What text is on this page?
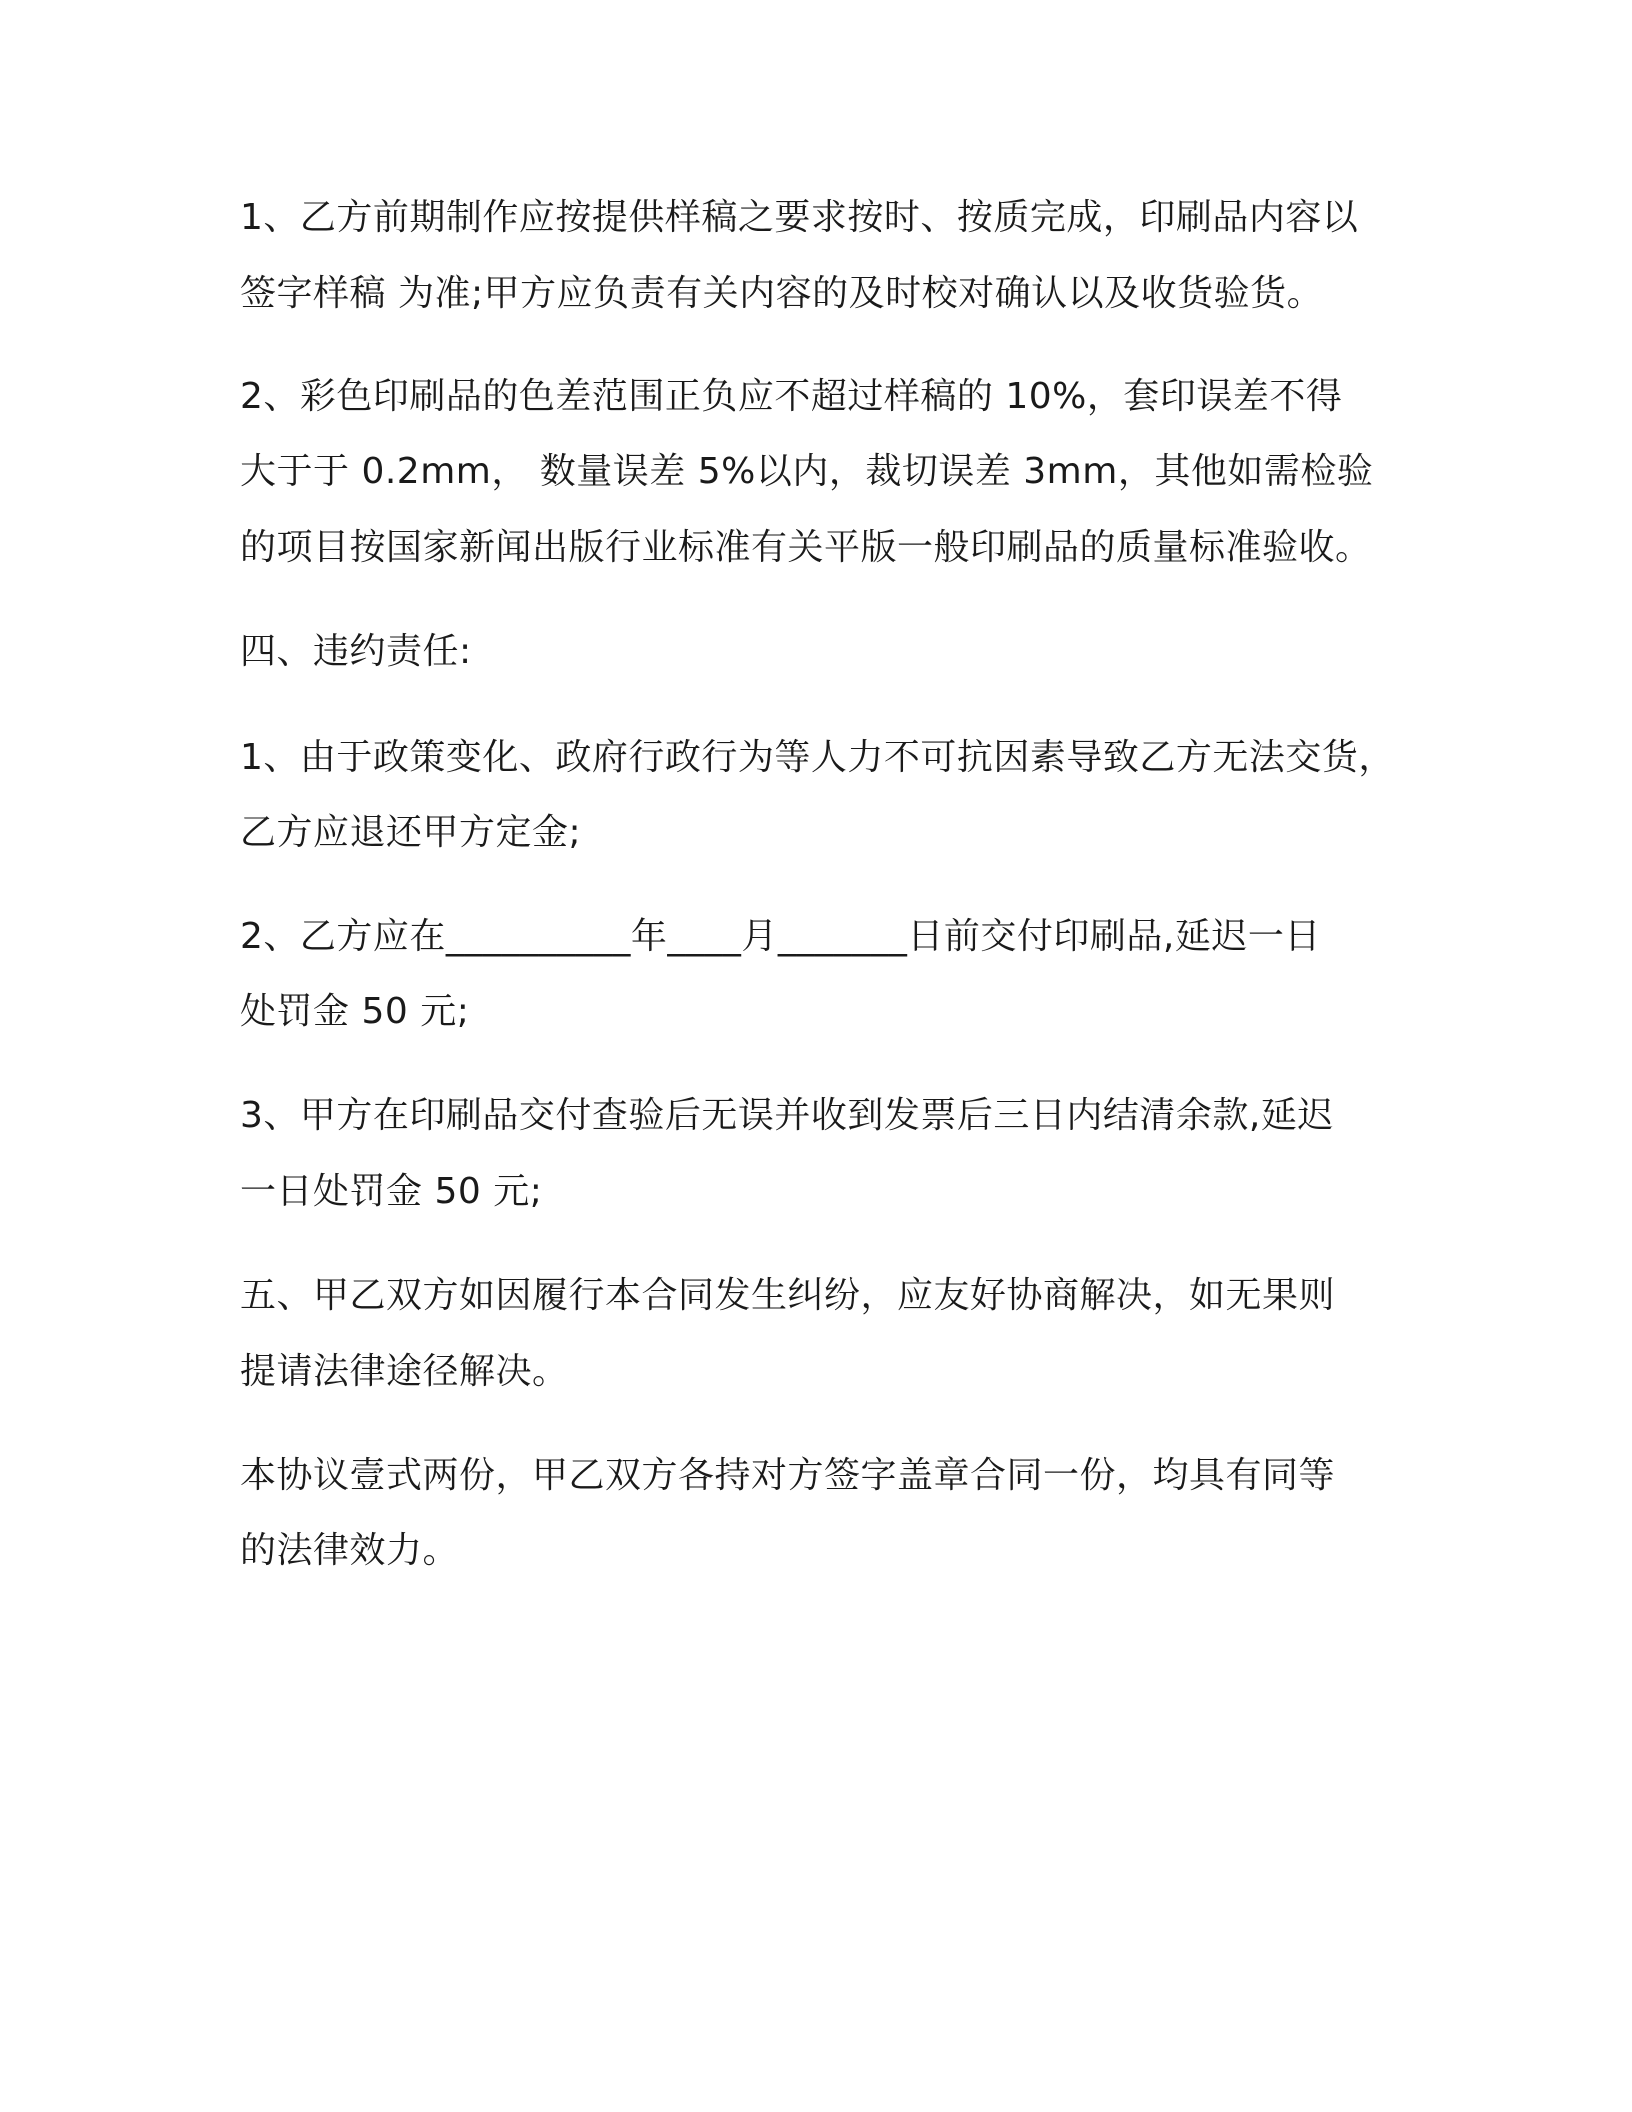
1、乙方前期制作应按提供样稿之要求按时、按质完成，印刷品内容以
签字样稿 为准;甲方应负责有关内容的及时校对确认以及收货验货。
2、彩色印刷品的色差范围正负应不超过样稿的 10%，套印误差不得
大于于 0.2mm， 数量误差 5%以内，裁切误差 3mm，其他如需检验
的项目按国家新闻出版行业标准有关平版一般印刷品的质量标准验收。
四、违约责任:
1、由于政策变化、政府行政行为等人力不可抗因素导致乙方无法交货，
乙方应退还甲方定金;
2、乙方应在__________年____月_______日前交付印刷品,延迟一日
处罚金 50 元;
3、甲方在印刷品交付查验后无误并收到发票后三日内结清余款,延迟
一日处罚金 50 元;
五、甲乙双方如因履行本合同发生纠纷，应友好协商解决，如无果则
提请法律途径解决。
本协议壹式两份，甲乙双方各持对方签字盖章合同一份，均具有同等
的法律效力。
